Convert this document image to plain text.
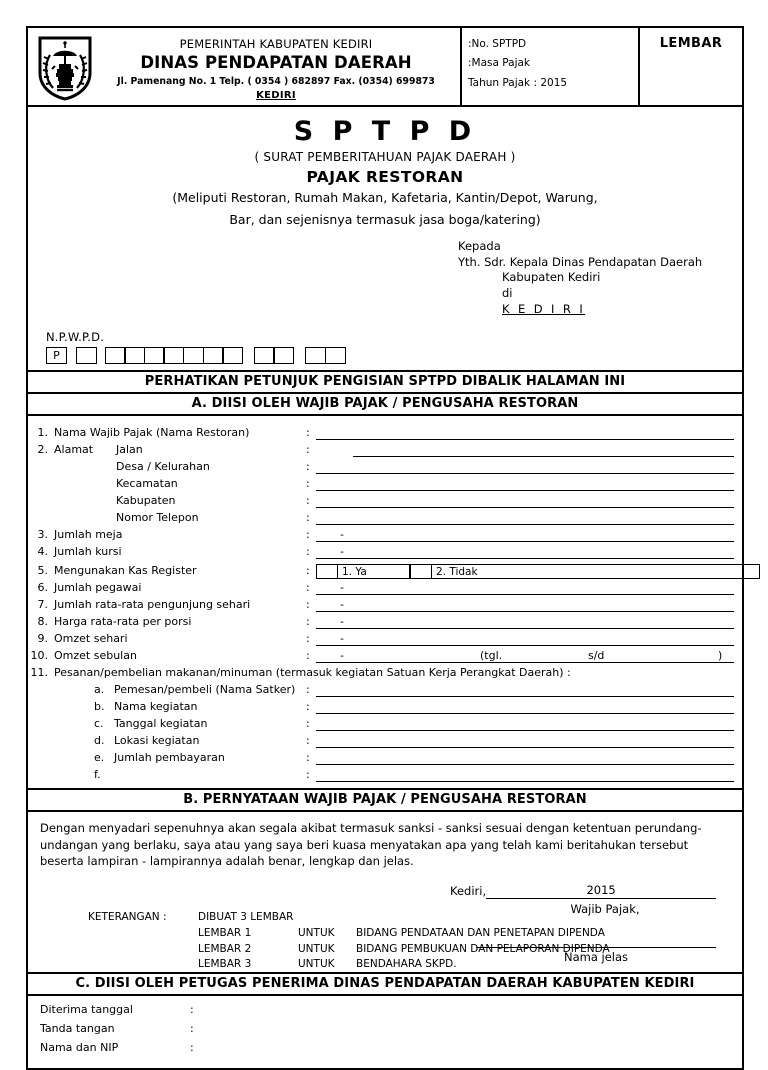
PEMERINTAH KABUPATEN KEDIRI
DINAS PENDAPATAN DAERAH
Jl. Pamenang No. 1 Telp. ( 0354 ) 682897 Fax. (0354) 699873
KEDIRI
:No. SPTPD
:Masa Pajak
Tahun Pajak : 2015
LEMBAR
S P T P D
( SURAT PEMBERITAHUAN PAJAK DAERAH )
PAJAK RESTORAN
(Meliputi Restoran, Rumah Makan, Kafetaria, Kantin/Depot, Warung,
Bar, dan sejenisnya termasuk jasa boga/katering)
Kepada
Yth. Sdr. Kepala Dinas Pendapatan Daerah
Kabupaten Kediri
di
K E D I R I
N.P.W.P.D.
P
PERHATIKAN PETUNJUK PENGISIAN SPTPD DIBALIK HALAMAN INI
A. DIISI OLEH WAJIB PAJAK / PENGUSAHA RESTORAN
1. Nama Wajib Pajak (Nama Restoran)	:
2. Alamat	Jalan	:
Desa / Kelurahan	:
Kecamatan	:
Kabupaten	:
Nomor Telepon	:
3. Jumlah meja	:	-
4. Jumlah kursi	:	-
5. Mengunakan Kas Register	:	1. Ya	2. Tidak
6. Jumlah pegawai	:	-
7. Jumlah rata-rata pengunjung sehari	:	-
8. Harga rata-rata per porsi	:	-
9. Omzet sehari	:	-
10. Omzet sebulan	:	-	(tgl.	s/d	)
11. Pesanan/pembelian makanan/minuman (termasuk kegiatan Satuan Kerja Perangkat Daerah) :
a. Pemesan/pembeli (Nama Satker) :
b. Nama kegiatan	:
c. Tanggal kegiatan	:
d. Lokasi kegiatan	:
e. Jumlah pembayaran	:
f.	:
B. PERNYATAAN WAJIB PAJAK / PENGUSAHA RESTORAN
Dengan menyadari sepenuhnya akan segala akibat termasuk sanksi - sanksi sesuai dengan ketentuan perundang-
undangan yang berlaku, saya atau yang saya beri kuasa menyatakan apa yang telah kami beritahukan tersebut
beserta lampiran - lampirannya adalah benar, lengkap dan jelas.
Kediri,	2015
Wajib Pajak,
Nama jelas
C. DIISI OLEH PETUGAS PENERIMA DINAS PENDAPATAN DAERAH KABUPATEN KEDIRI
Diterima tanggal	:
Tanda tangan	:
Nama dan NIP	:
KETERANGAN :	DIBUAT 3 LEMBAR
LEMBAR 1	UNTUK	BIDANG PENDATAAN DAN PENETAPAN DIPENDA
LEMBAR 2	UNTUK	BIDANG PEMBUKUAN DAN PELAPORAN DIPENDA
LEMBAR 3	UNTUK	BENDAHARA SKPD.
